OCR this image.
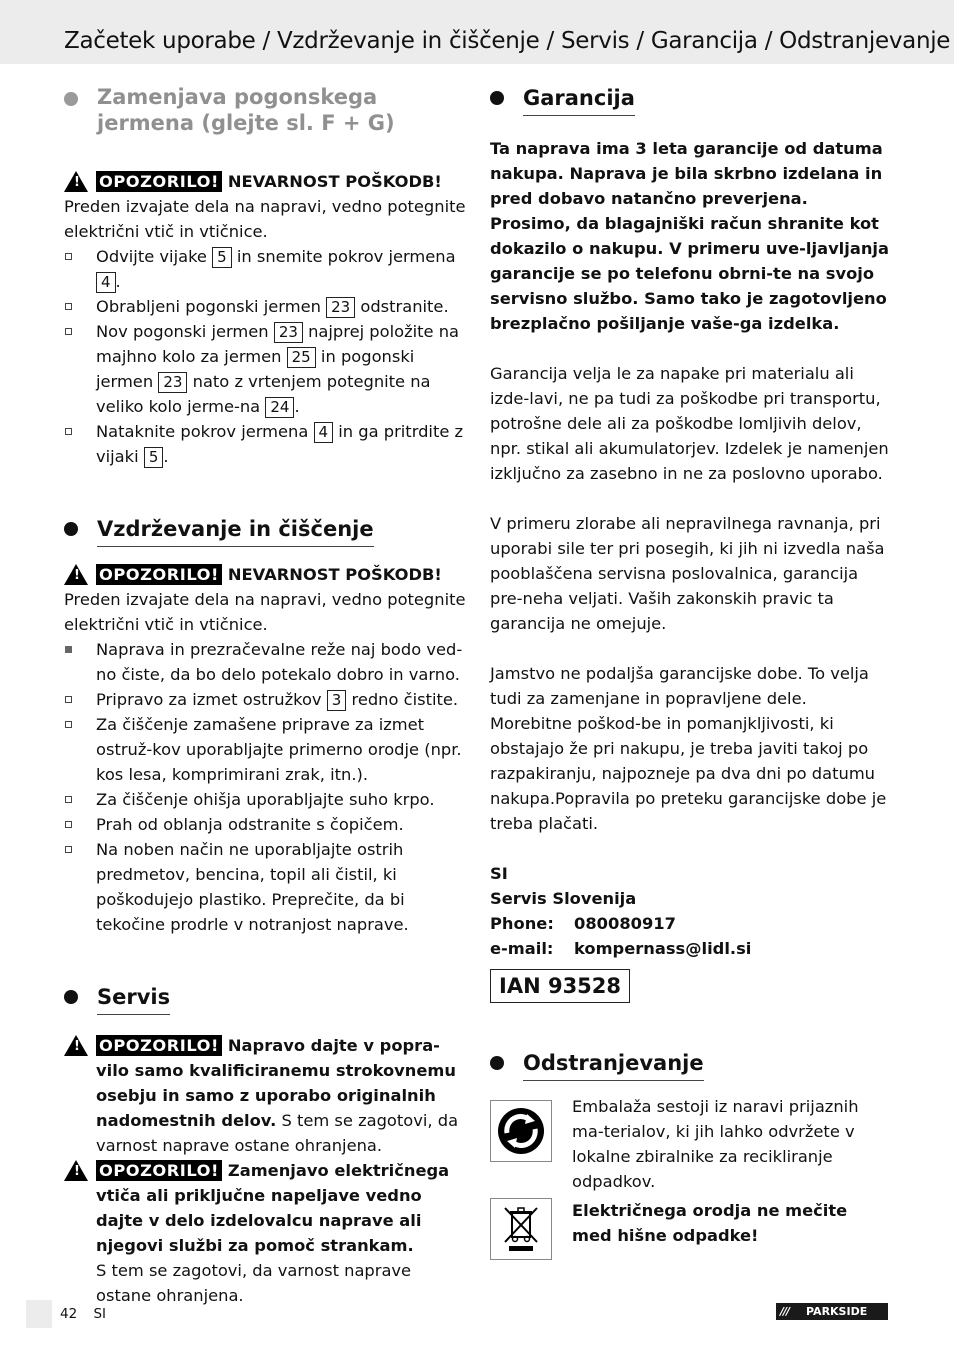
Začetek uporabe / Vzdrževanje in čiščenje / Servis / Garancija / Odstranjevanje
Zamenjava pogonskega jermena (glejte sl. F + G)
! OPOZORILO! NEVARNOST POŠKODB!

Preden izvajate dela na napravi, vedno potegnite električni vtič in vtičnice.

Odvijte vijake 5 in snemite pokrov jermena 4 .
Obrabljeni pogonski jermen 23 odstranite.
Nov pogonski jermen 23 najprej položite na majhno kolo za jermen 25 in pogonski jermen 23 nato z vrtenjem potegnite na veliko kolo jerme-na 24 .
Nataknite pokrov jermena 4 in ga pritrdite z vijaki 5 .
Vzdrževanje in čiščenje
! OPOZORILO! NEVARNOST POŠKODB!

Preden izvajate dela na napravi, vedno potegnite električni vtič in vtičnice.

Naprava in prezračevalne reže naj bodo ved-no čiste, da bo delo potekalo dobro in varno.
Pripravo za izmet ostružkov 3 redno čistite.
Za čiščenje zamašene priprave za izmet ostruž-kov uporabljajte primerno orodje (npr. kos lesa, komprimirani zrak, itn.).
Za čiščenje ohišja uporabljajte suho krpo.
Prah od oblanja odstranite s čopičem.
Na noben način ne uporabljajte ostrih predmetov, bencina, topil ali čistil, ki poškodujejo plastiko. Preprečite, da bi tekočine prodrle v notranjost naprave.
Servis
! OPOZORILO! Napravo dajte v popra-vilo samo kvalificiranemu strokovnemu osebju in samo z uporabo originalnih nadomestnih delov. S tem se zagotovi, da varnost naprave ostane ohranjena.
! OPOZORILO! Zamenjavo električnega vtiča ali priključne napeljave vedno dajte v delo izdelovalcu naprave ali njegovi službi za pomoč strankam.
S tem se zagotovi, da varnost naprave ostane ohranjena.
Garancija

Ta naprava ima 3 leta garancije od datuma nakupa. Naprava je bila skrbno izdelana in pred dobavo natančno preverjena. Prosimo, da blagajniški račun shranite kot dokazilo o nakupu. V primeru uve-ljavljanja garancije se po telefonu obrni-te na svojo servisno službo. Samo tako je zagotovljeno brezplačno pošiljanje vaše-ga izdelka.

Garancija velja le za napake pri materialu ali izde-lavi, ne pa tudi za poškodbe pri transportu, potrošne dele ali za poškodbe lomljivih delov, npr. stikal ali akumulatorjev. Izdelek je namenjen izključno za zasebno in ne za poslovno uporabo.

V primeru zlorabe ali nepravilnega ravnanja, pri uporabi sile ter pri posegih, ki jih ni izvedla naša pooblaščena servisna poslovalnica, garancija pre-neha veljati. Vaših zakonskih pravic ta garancija ne omejuje.

Jamstvo ne podaljša garancijske dobe. To velja tudi za zamenjane in popravljene dele. Morebitne poškod-be in pomanjkljivosti, ki obstajajo že pri nakupu, je treba javiti takoj po razpakiranju, najpozneje pa dva dni po datumu nakupa.Popravila po preteku garancijske dobe je treba plačati.

SI
Servis Slovenija
Phone: 080080917
e-mail: kompernass@lidl.si
IAN 93528
Odstranjevanje

Embalaža sestoji iz naravi prijaznih ma-terialov, ki jih lahko odvržete v lokalne zbiralnike za recikliranje odpadkov.

Električnega orodja ne mečite med hišne odpadke!

42 SI	///	PARKSIDE
